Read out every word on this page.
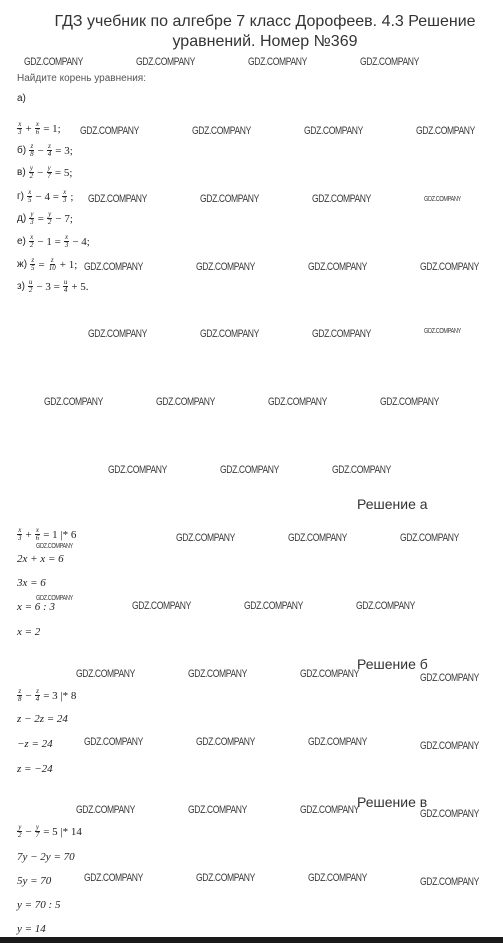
ГДЗ учебник по алгебре 7 класс Дорофеев. 4.3 Решение уравнений. Номер №369
GDZ.COMPANY	GDZ.COMPANY	GDZ.COMPANY	GDZ.COMPANY
Найдите корень уравнения:
а)
$\frac{x}{3} + \frac{x}{6} = 1$; GDZ.COMPANY	GDZ.COMPANY	GDZ.COMPANY	GDZ.COMPANY
$б) \frac{z}{8} - \frac{z}{4} = 3$;
$в) \frac{y}{2} - \frac{y}{7} = 5$;
$г) \frac{x}{5} - 4 = \frac{x}{3}$ ; GDZ.COMPANY	GDZ.COMPANY	GDZ.COMPANY	GDZ.COMPANY
$д) \frac{y}{3} = \frac{y}{2} - 7$;
$е) \frac{x}{2} - 1 = \frac{x}{3} - 4$;
$ж) \frac{z}{5} = \frac{z}{10} + 1$; GDZ.COMPANY	GDZ.COMPANY	GDZ.COMPANY	GDZ.COMPANY
$з) \frac{u}{2} - 3 = \frac{u}{4} + 5$.
GDZ.COMPANY	GDZ.COMPANY	GDZ.COMPANY	GDZ.COMPANY
GDZ.COMPANY	GDZ.COMPANY	GDZ.COMPANY	GDZ.COMPANY
GDZ.COMPANY	GDZ.COMPANY	GDZ.COMPANY
Решение а
$\frac{x}{3} + \frac{x}{6} = 1$ |* 6	GDZ.COMPANY	GDZ.COMPANY	GDZ.COMPANY
GDZ.COMPANY
2x + x = 6
3x = 6
GDZ.COMPANY
x = 6 : 3	GDZ.COMPANY	GDZ.COMPANY	GDZ.COMPANY
x = 2
GDZ.COMPANY	GDZ.COMPANY	GDZ.COMPANY
Решение б
GDZ.COMPANY
$\frac{z}{8} - \frac{z}{4} = 3$ |* 8
z − 2z = 24
−z = 24	GDZ.COMPANY	GDZ.COMPANY	GDZ.COMPANY	GDZ.COMPANY
z = −24
GDZ.COMPANY	GDZ.COMPANY	GDZ.COMPANY
Решение в
GDZ.COMPANY
$\frac{y}{2} - \frac{y}{7} = 5$ |* 14
7y − 2y = 70
5y = 70	GDZ.COMPANY	GDZ.COMPANY	GDZ.COMPANY	GDZ.COMPANY
y = 70 : 5
y = 14
